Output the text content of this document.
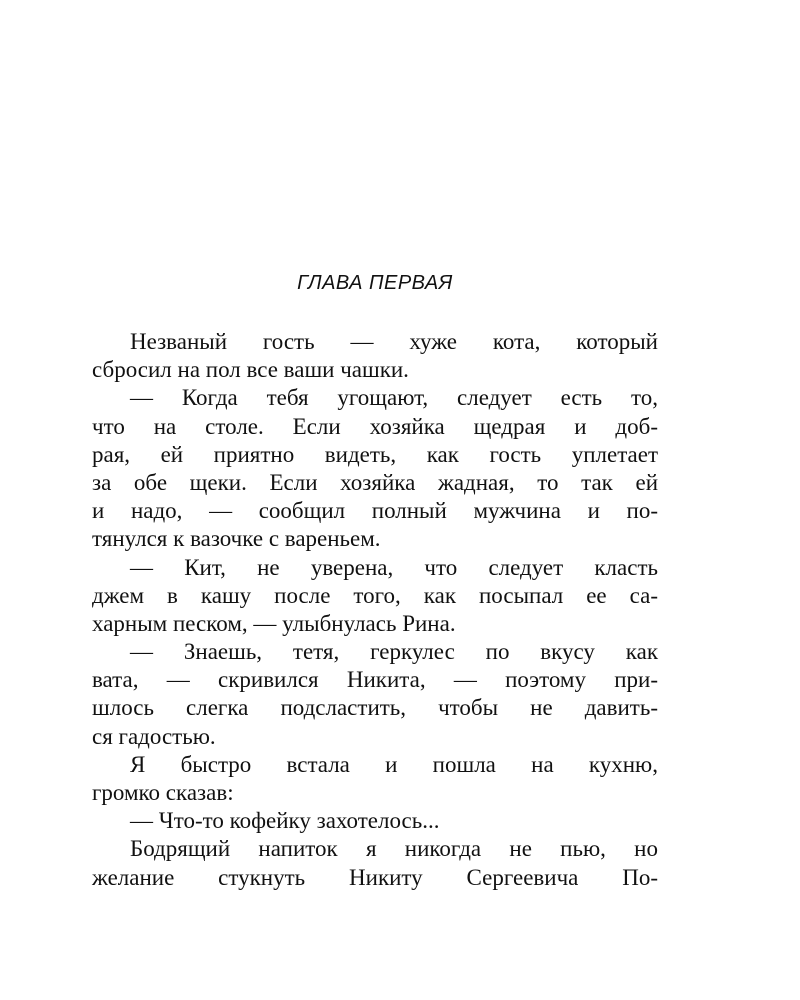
ГЛАВА ПЕРВАЯ
Незваный гость — хуже кота, который
сбросил на пол все ваши чашки.
— Когда тебя угощают, следует есть то,
что на столе. Если хозяйка щедрая и доб-
рая, ей приятно видеть, как гость уплетает
за обе щеки. Если хозяйка жадная, то так ей
и надо, — сообщил полный мужчина и по-
тянулся к вазочке с вареньем.
— Кит, не уверена, что следует класть
джем в кашу после того, как посыпал ее са-
харным песком, — улыбнулась Рина.
— Знаешь, тетя, геркулес по вкусу как
вата, — скривился Никита, — поэтому при-
шлось слегка подсластить, чтобы не давить-
ся гадостью.
Я быстро встала и пошла на кухню,
громко сказав:
— Что-то кофейку захотелось...
Бодрящий напиток я никогда не пью, но
желание стукнуть Никиту Сергеевича По-
